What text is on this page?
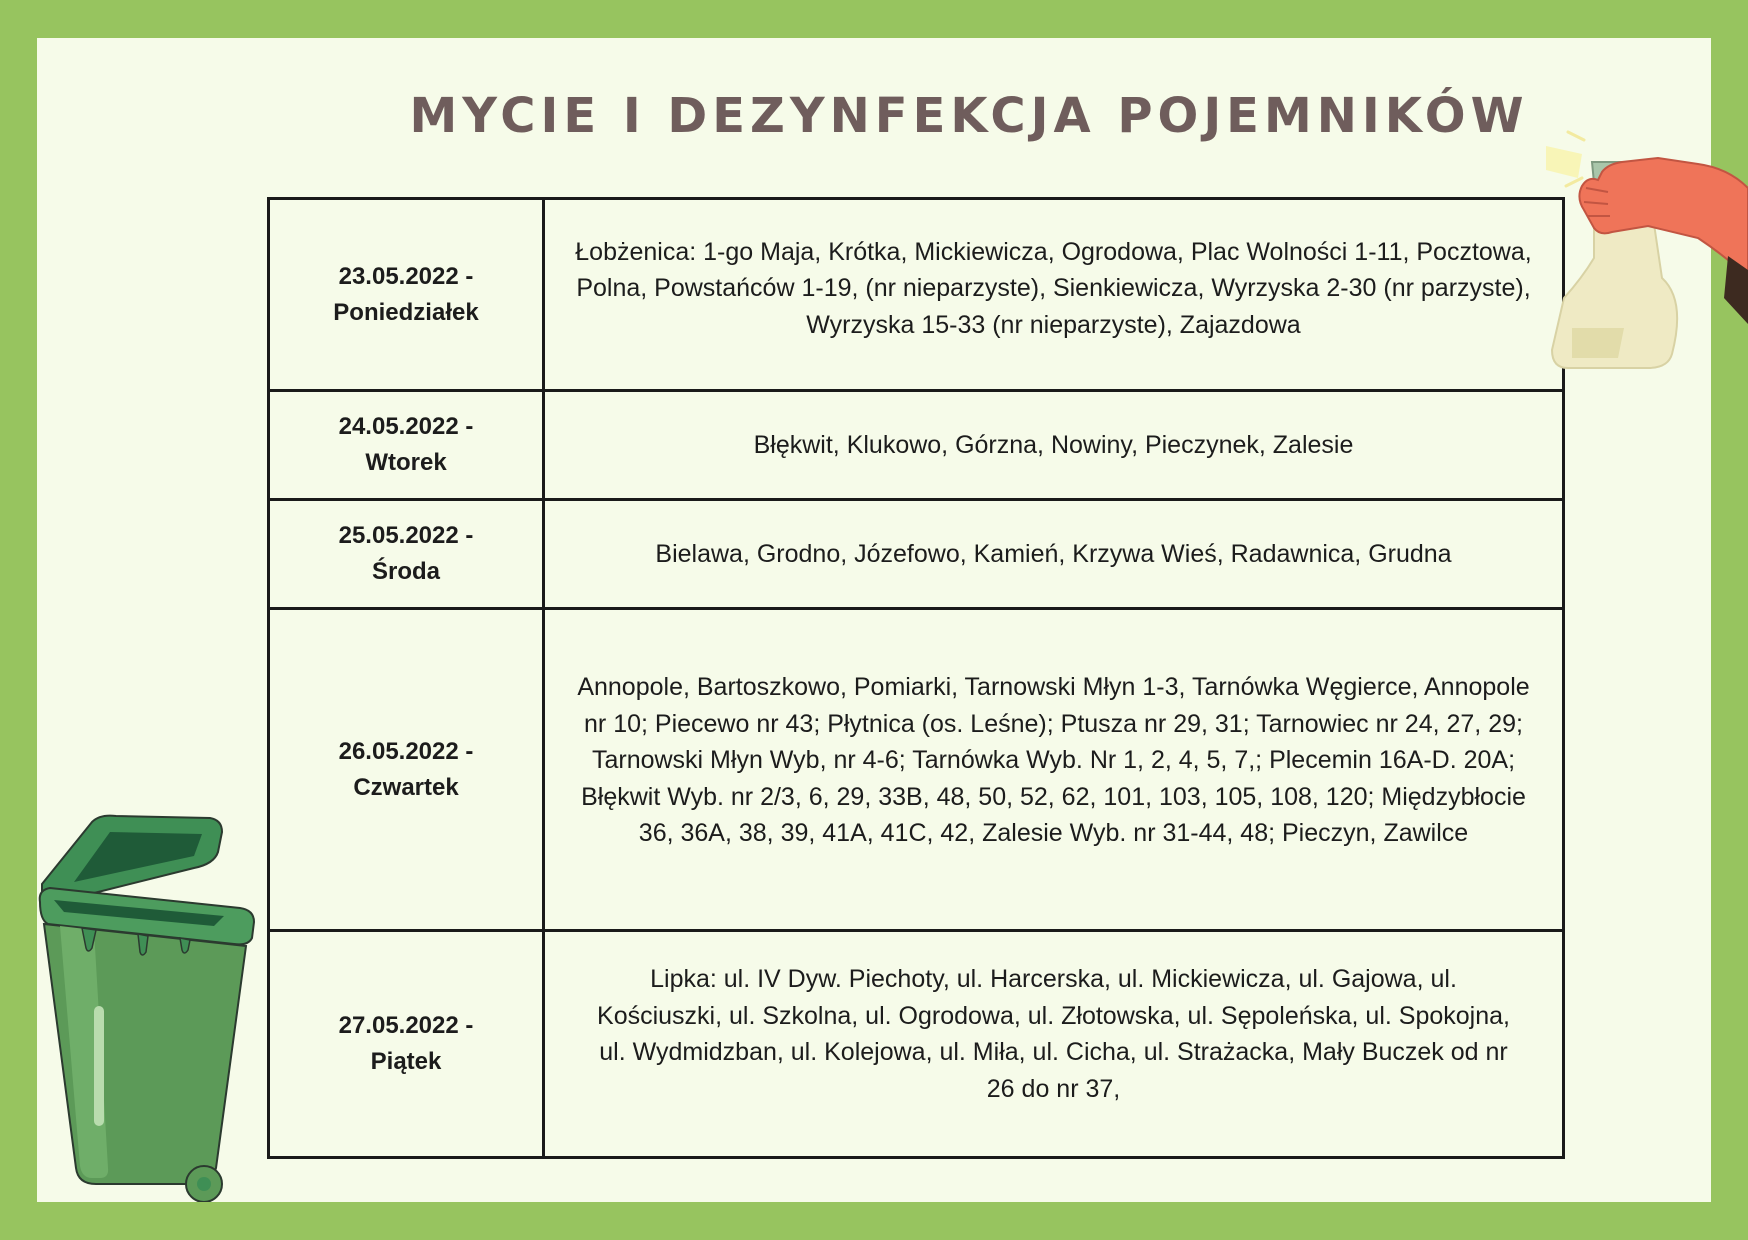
MYCIE I DEZYNFEKCJA POJEMNIKÓW
23.05.2022 -
Poniedziałek	Łobżenica: 1-go Maja, Krótka, Mickiewicza, Ogrodowa, Plac Wolności 1-11, Pocztowa, Polna, Powstańców 1-19, (nr nieparzyste), Sienkiewicza, Wyrzyska 2-30 (nr parzyste), Wyrzyska 15-33 (nr nieparzyste), Zajazdowa

24.05.2022 -
Wtorek	Błękwit, Klukowo, Górzna, Nowiny, Pieczynek, Zalesie

25.05.2022 -
Środa	Bielawa, Grodno, Józefowo, Kamień, Krzywa Wieś, Radawnica, Grudna

26.05.2022 -
Czwartek	Annopole, Bartoszkowo, Pomiarki, Tarnowski Młyn 1-3, Tarnówka Węgierce, Annopole nr 10; Piecewo nr 43; Płytnica (os. Leśne); Ptusza nr 29, 31; Tarnowiec nr 24, 27, 29; Tarnowski Młyn Wyb, nr 4-6; Tarnówka Wyb. Nr 1, 2, 4, 5, 7,; Plecemin 16A-D. 20A; Błękwit Wyb. nr 2/3, 6, 29, 33B, 48, 50, 52, 62, 101, 103, 105, 108, 120; Międzybłocie 36, 36A, 38, 39, 41A, 41C, 42, Zalesie Wyb. nr 31-44, 48; Pieczyn, Zawilce

27.05.2022 -
Piątek	Lipka: ul. IV Dyw. Piechoty, ul. Harcerska, ul. Mickiewicza, ul. Gajowa, ul. Kościuszki, ul. Szkolna, ul. Ogrodowa, ul. Złotowska, ul. Sępoleńska, ul. Spokojna, ul. Wydmidzban, ul. Kolejowa, ul. Miła, ul. Cicha, ul. Strażacka, Mały Buczek od nr 26 do nr 37,
